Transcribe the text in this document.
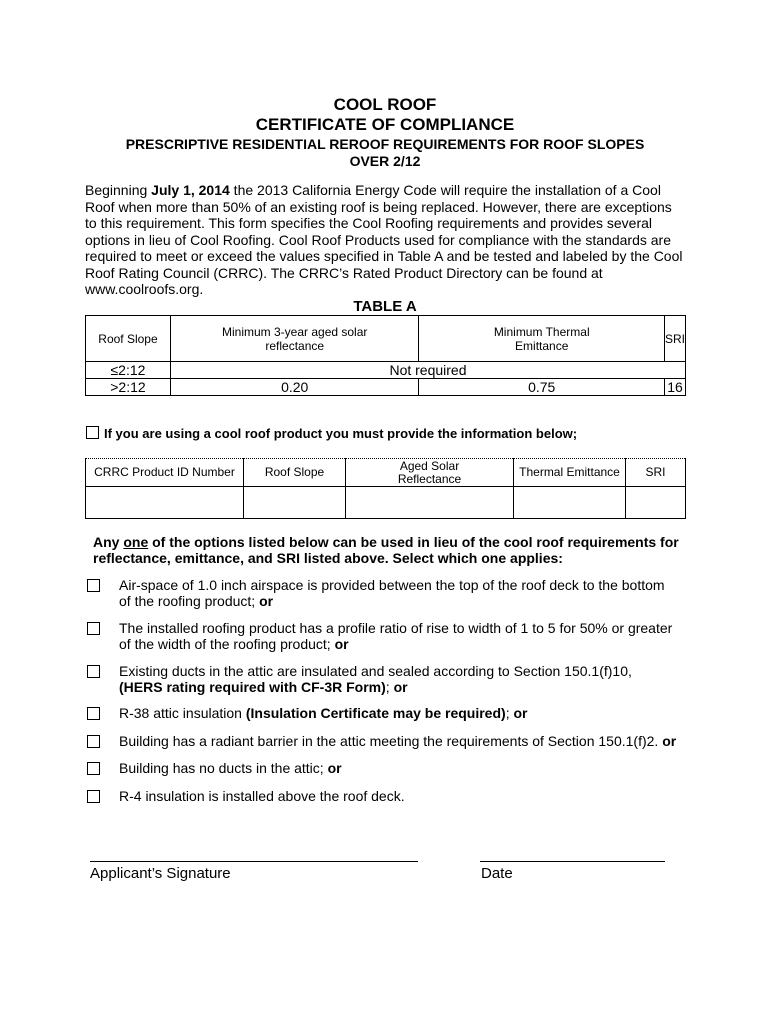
COOL ROOF
CERTIFICATE OF COMPLIANCE
PRESCRIPTIVE RESIDENTIAL REROOF REQUIREMENTS FOR ROOF SLOPES
OVER 2/12
Beginning July 1, 2014 the 2013 California Energy Code will require the installation of a Cool Roof when more than 50% of an existing roof is being replaced. However, there are exceptions to this requirement. This form specifies the Cool Roofing requirements and provides several options in lieu of Cool Roofing. Cool Roof Products used for compliance with the standards are required to meet or exceed the values specified in Table A and be tested and labeled by the Cool Roof Rating Council (CRRC). The CRRC’s Rated Product Directory can be found at www.coolroofs.org.
TABLE A
Roof Slope	Minimum 3-year aged solar reflectance	Minimum Thermal Emittance	SRI
≤2:12	Not required		
>2:12	0.20	0.75	16
If you are using a cool roof product you must provide the information below;
CRRC Product ID Number	Roof Slope	Aged Solar Reflectance	Thermal Emittance	SRI

Any one of the options listed below can be used in lieu of the cool roof requirements for reflectance, emittance, and SRI listed above. Select which one applies:
Air-space of 1.0 inch airspace is provided between the top of the roof deck to the bottom of the roofing product; or
The installed roofing product has a profile ratio of rise to width of 1 to 5 for 50% or greater of the width of the roofing product; or
Existing ducts in the attic are insulated and sealed according to Section 150.1(f)10, (HERS rating required with CF-3R Form); or
R-38 attic insulation (Insulation Certificate may be required); or
Building has a radiant barrier in the attic meeting the requirements of Section 150.1(f)2. or
Building has no ducts in the attic; or
R-4 insulation is installed above the roof deck.
Applicant’s Signature	Date
